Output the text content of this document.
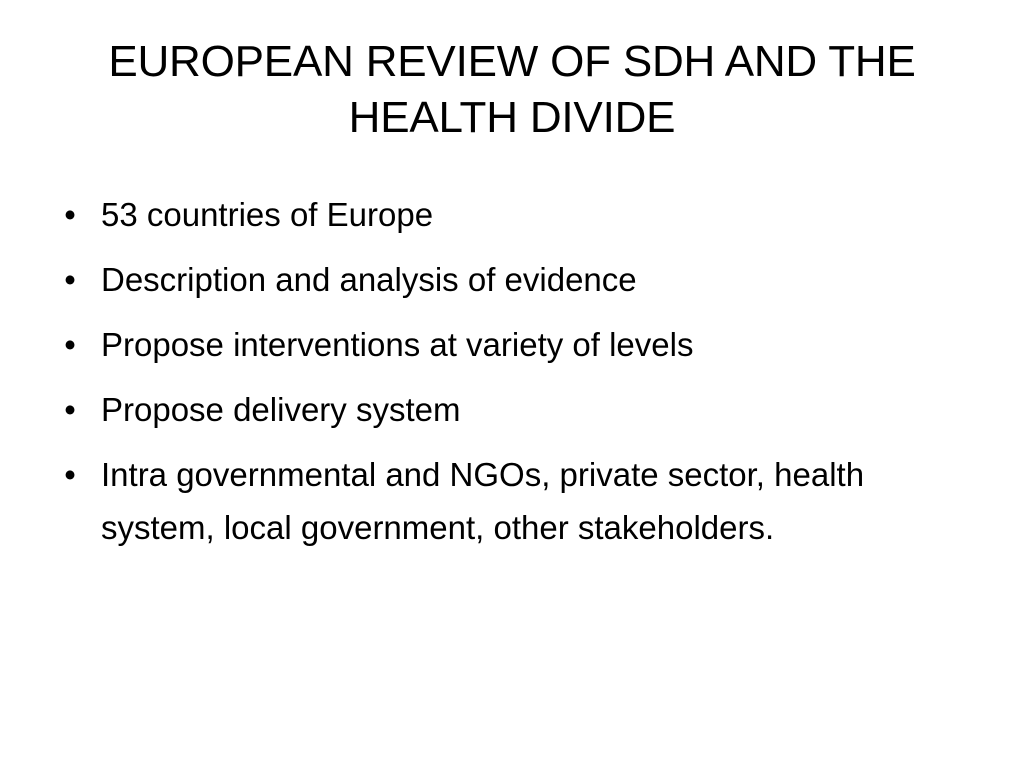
EUROPEAN REVIEW OF SDH AND THE HEALTH DIVIDE
• 53 countries of Europe
• Description and analysis of evidence
• Propose interventions at variety of levels
• Propose delivery system
• Intra governmental and NGOs, private sector, health system, local government, other stakeholders.
